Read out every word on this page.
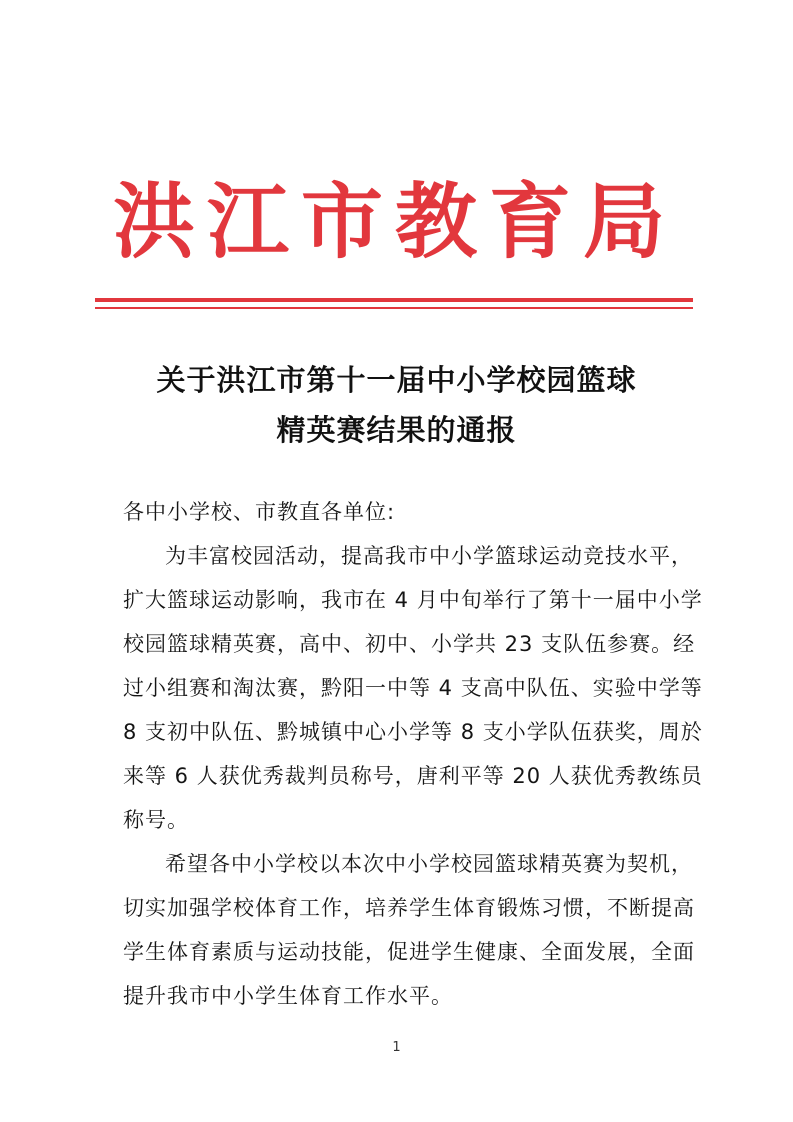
洪江市教育局
关于洪江市第十一届中小学校园篮球
精英赛结果的通报
各中小学校、市教直各单位:
为丰富校园活动，提高我市中小学篮球运动竞技水平，
扩大篮球运动影响，我市在 4 月中旬举行了第十一届中小学
校园篮球精英赛，高中、初中、小学共 23 支队伍参赛。经
过小组赛和淘汰赛，黔阳一中等 4 支高中队伍、实验中学等
8 支初中队伍、黔城镇中心小学等 8 支小学队伍获奖，周於
来等 6 人获优秀裁判员称号，唐利平等 20 人获优秀教练员
称号。
希望各中小学校以本次中小学校园篮球精英赛为契机，
切实加强学校体育工作，培养学生体育锻炼习惯，不断提高
学生体育素质与运动技能，促进学生健康、全面发展，全面
提升我市中小学生体育工作水平。
1
